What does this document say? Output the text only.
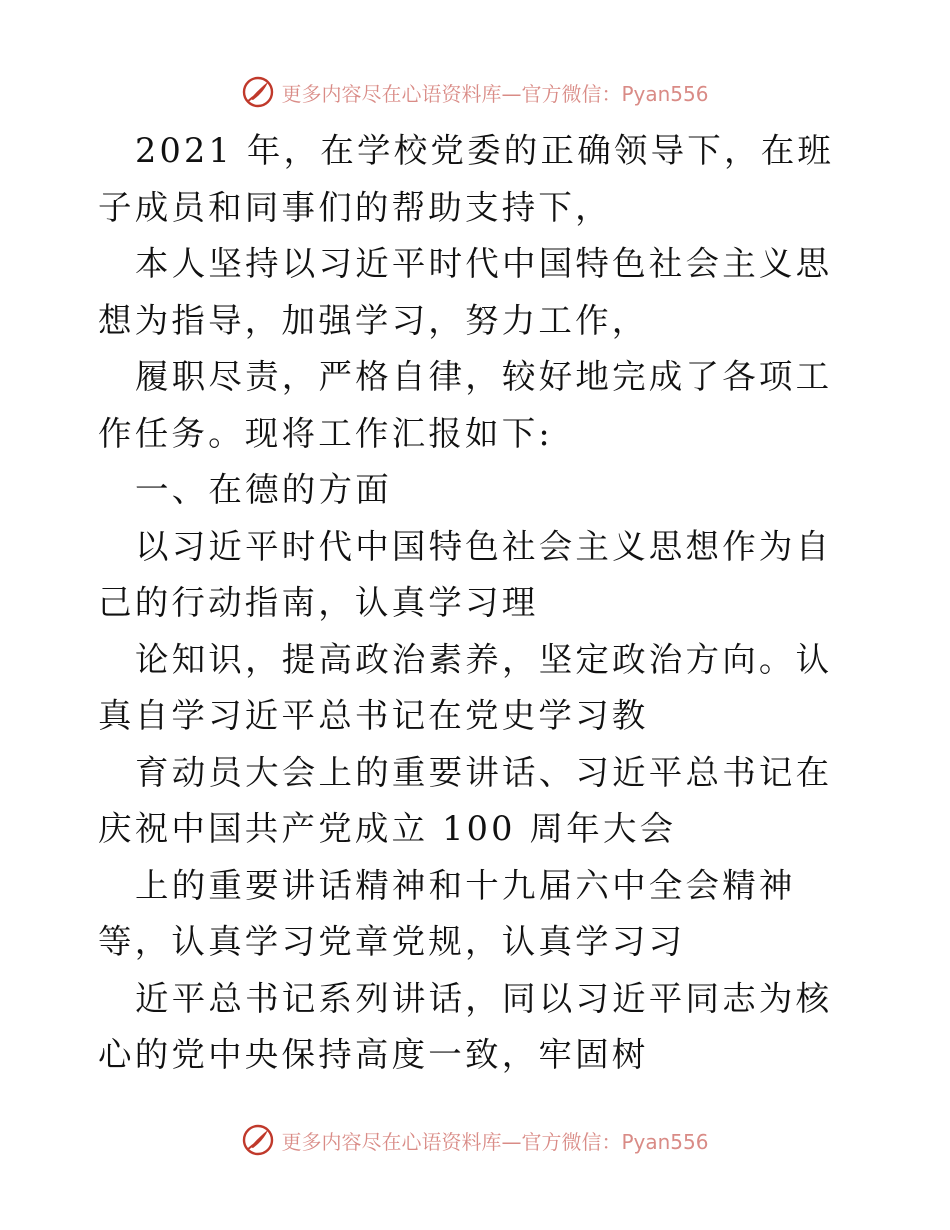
更多内容尽在心语资料库—官方微信：Pyan556

2021 年，在学校党委的正确领导下，在班子成员和同事们的帮助支持下，

本人坚持以习近平时代中国特色社会主义思想为指导，加强学习，努力工作，

履职尽责，严格自律，较好地完成了各项工作任务。现将工作汇报如下:

一、在德的方面

以习近平时代中国特色社会主义思想作为自己的行动指南，认真学习理

论知识，提高政治素养，坚定政治方向。认真自学习近平总书记在党史学习教

育动员大会上的重要讲话、习近平总书记在庆祝中国共产党成立 100 周年大会

上的重要讲话精神和十九届六中全会精神等，认真学习党章党规，认真学习习

近平总书记系列讲话，同以习近平同志为核心的党中央保持高度一致，牢固树

更多内容尽在心语资料库—官方微信：Pyan556
